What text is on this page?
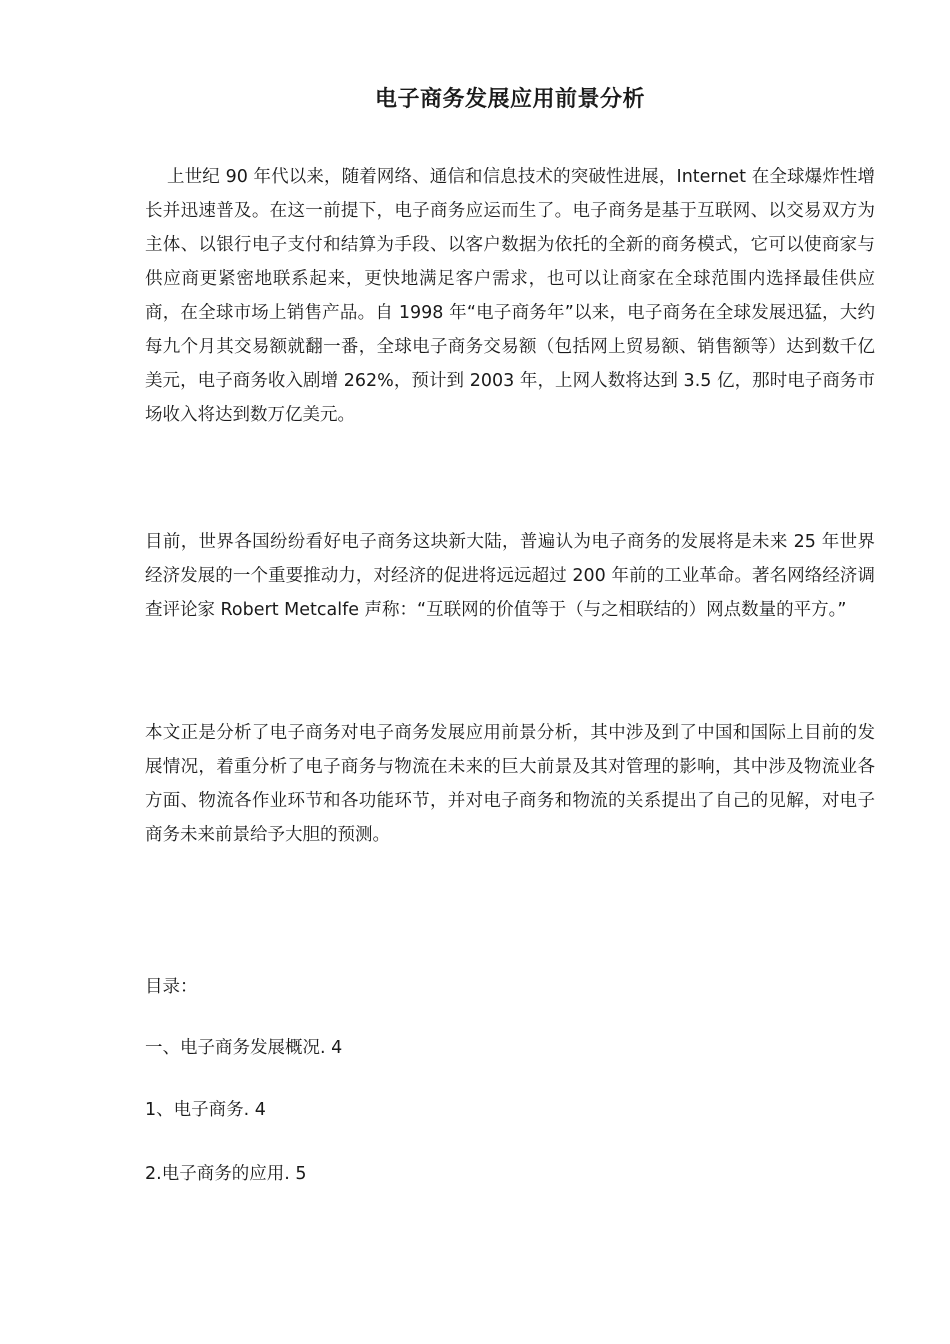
电子商务发展应用前景分析

上世纪 90 年代以来，随着网络、通信和信息技术的突破性进展，Internet 在全球爆炸性增长并迅速普及。在这一前提下，电子商务应运而生了。电子商务是基于互联网、以交易双方为主体、以银行电子支付和结算为手段、以客户数据为依托的全新的商务模式，它可以使商家与供应商更紧密地联系起来，更快地满足客户需求，也可以让商家在全球范围内选择最佳供应商，在全球市场上销售产品。自 1998 年“电子商务年”以来，电子商务在全球发展迅猛，大约每九个月其交易额就翻一番，全球电子商务交易额（包括网上贸易额、销售额等）达到数千亿美元，电子商务收入剧增 262%，预计到 2003 年，上网人数将达到 3.5 亿，那时电子商务市场收入将达到数万亿美元。

目前，世界各国纷纷看好电子商务这块新大陆，普遍认为电子商务的发展将是未来 25 年世界经济发展的一个重要推动力，对经济的促进将远远超过 200 年前的工业革命。著名网络经济调查评论家 Robert Metcalfe 声称：“互联网的价值等于（与之相联结的）网点数量的平方。”

本文正是分析了电子商务对电子商务发展应用前景分析，其中涉及到了中国和国际上目前的发展情况，着重分析了电子商务与物流在未来的巨大前景及其对管理的影响，其中涉及物流业各方面、物流各作业环节和各功能环节，并对电子商务和物流的关系提出了自己的见解，对电子商务未来前景给予大胆的预测。

目录：
一、电子商务发展概况. 4
1、电子商务. 4
2.电子商务的应用. 5
